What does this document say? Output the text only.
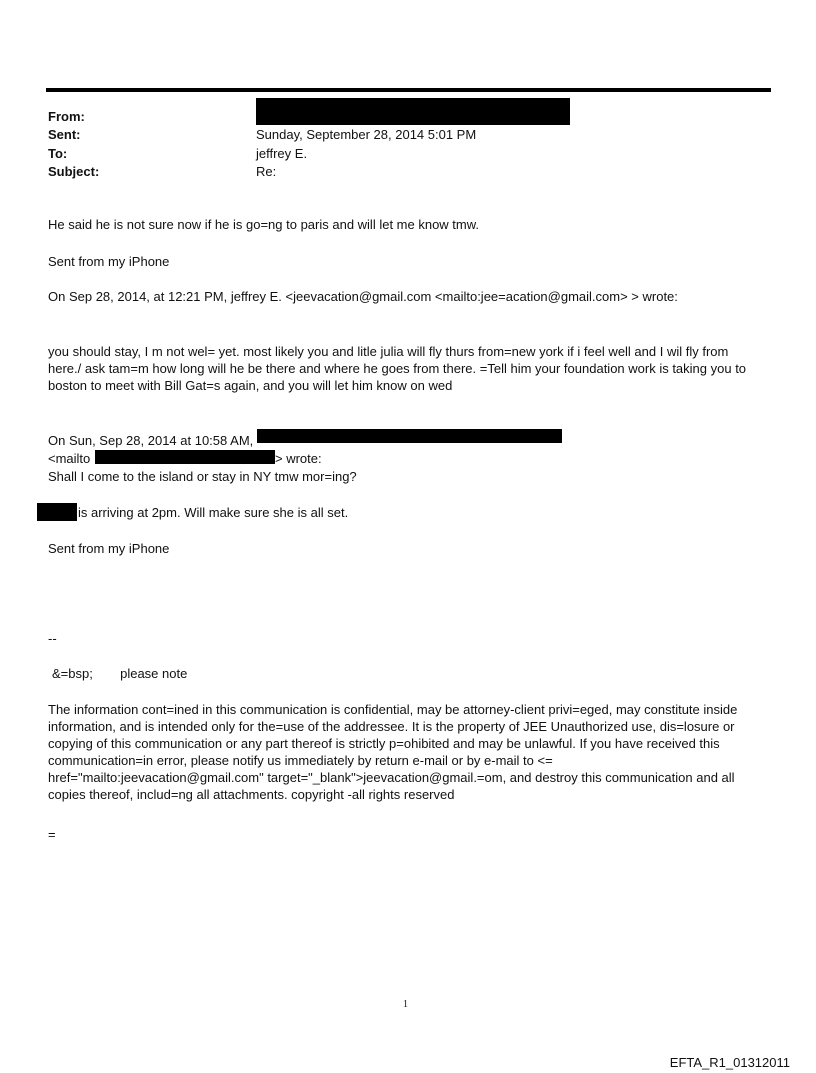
From:
Sent:	Sunday, September 28, 2014 5:01 PM
To:	jeffrey E.
Subject:	Re:
He said he is not sure now if he is go=ng to paris and will let me know tmw.
Sent from my iPhone
On Sep 28, 2014, at 12:21 PM, jeffrey E. <jeevacation@gmail.com <mailto:jee=acation@gmail.com> > wrote:
you should stay, I m not wel= yet. most likely you and litle julia will fly thurs from=new york if i feel well and I wil fly from here./ ask tam=m how long will he be there and where he goes from there. =Tell him your foundation work is taking you to boston to meet with Bill Gat=s again, and you will let him know on wed
On Sun, Sep 28, 2014 at 10:58 AM,
<mailto	> wrote:
Shall I come to the island or stay in NY tmw mor=ing?
is arriving at 2pm. Will make sure she is all set.
Sent from my iPhone
--
&=bsp; please note
The information cont=ined in this communication is confidential, may be attorney-client privi=eged, may constitute inside information, and is intended only for the=use of the addressee. It is the property of JEE Unauthorized use, dis=losure or copying of this communication or any part thereof is strictly p=ohibited and may be unlawful. If you have received this communication=in error, please notify us immediately by return e-mail or by e-mail to <= href="mailto:jeevacation@gmail.com" target="_blank">jeevacation@gmail.=om, and destroy this communication and all copies thereof, includ=ng all attachments. copyright -all rights reserved
=
1
EFTA_R1_01312011
